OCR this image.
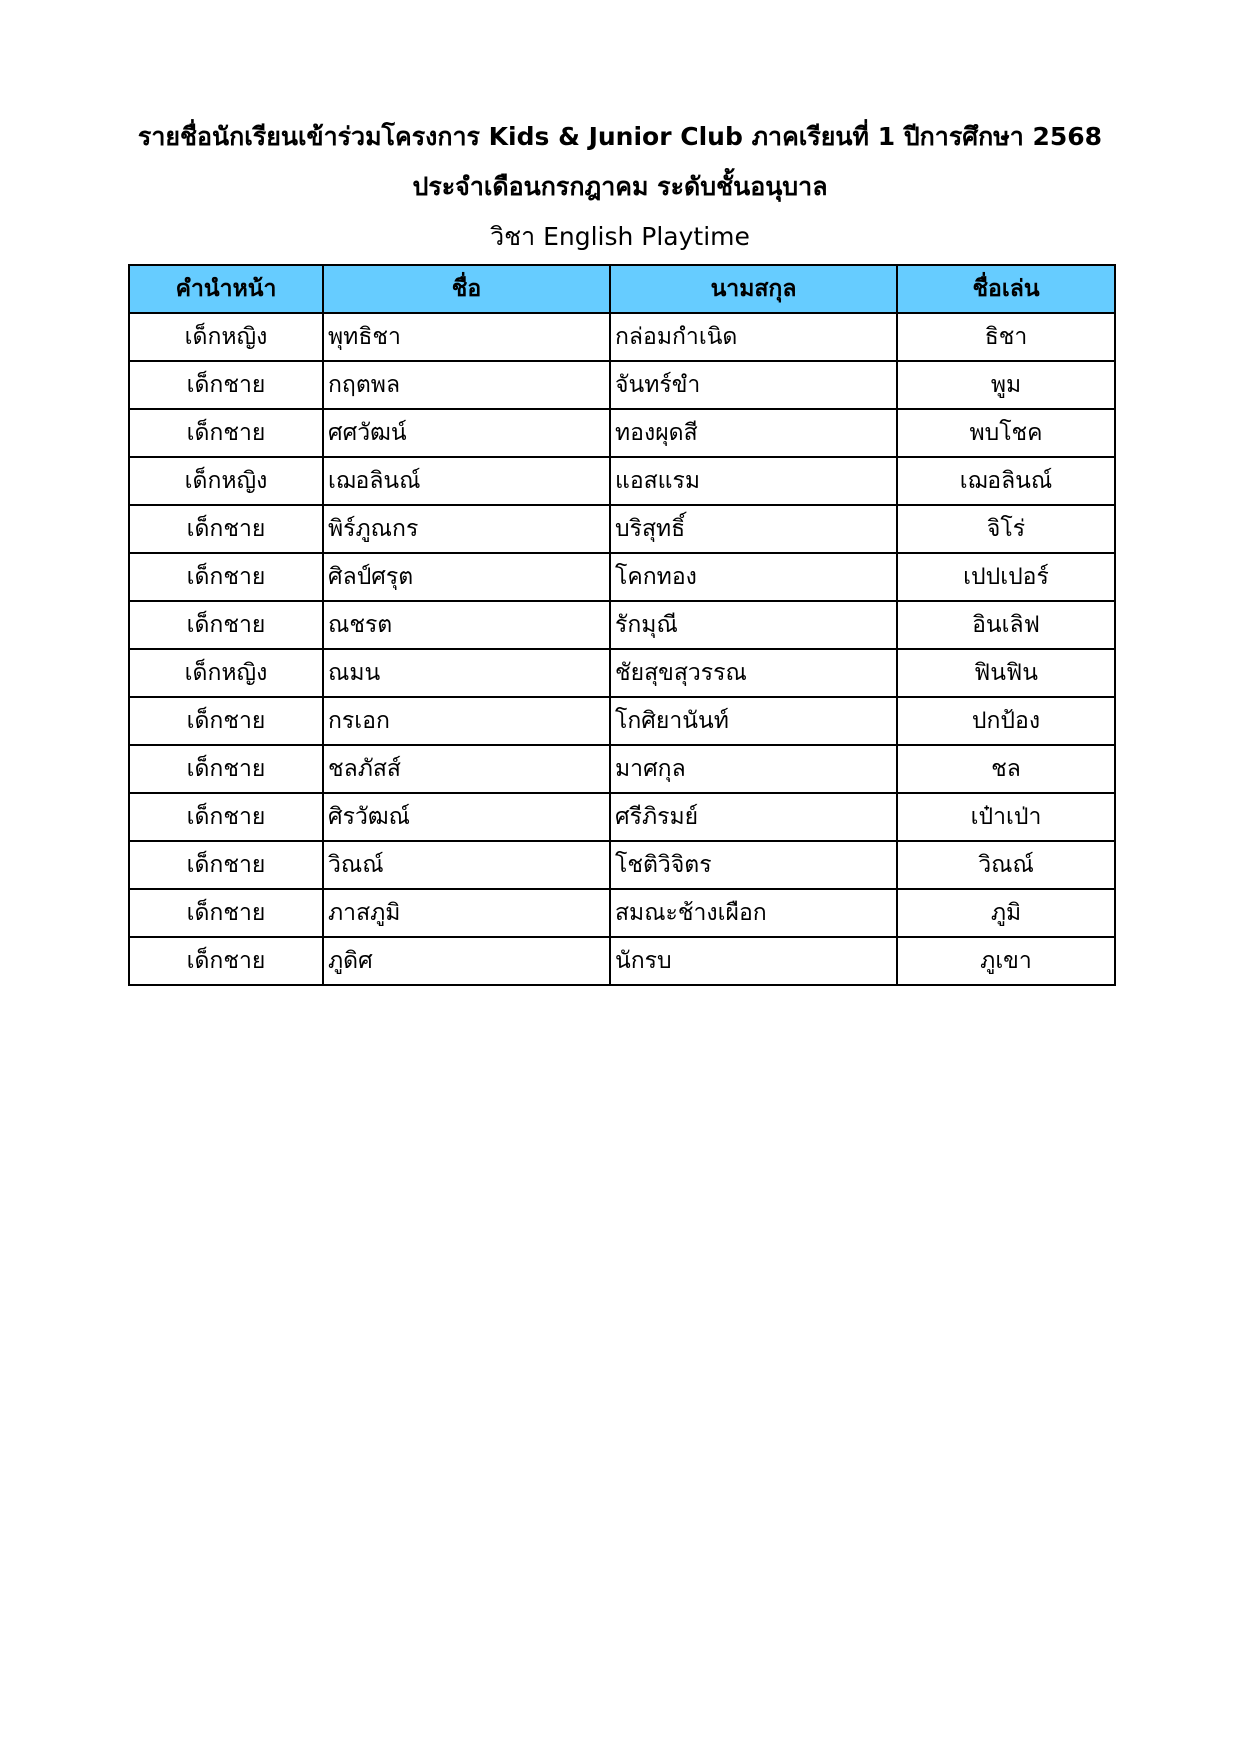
รายชื่อนักเรียนเข้าร่วมโครงการ Kids & Junior Club ภาคเรียนที่ 1 ปีการศึกษา 2568
ประจำเดือนกรกฎาคม ระดับชั้นอนุบาล
วิชา English Playtime
คำนำหน้า	ชื่อ	นามสกุล	ชื่อเล่น
เด็กหญิง	พุทธิชา	กล่อมกำเนิด	ธิชา
เด็กชาย	กฤตพล	จันทร์ขำ	พูม
เด็กชาย	ศศวัฒน์	ทองผุดสี	พบโชค
เด็กหญิง	เฌอลินณ์	แอสแรม	เฌอลินณ์
เด็กชาย	พิร์ภูณกร	บริสุทธิ์	จิโร่
เด็กชาย	ศิลป์ศรุต	โคกทอง	เปปเปอร์
เด็กชาย	ณชรต	รักมุณี	อินเลิฟ
เด็กหญิง	ณมน	ชัยสุขสุวรรณ	ฟินฟิน
เด็กชาย	กรเอก	โกศิยานันท์	ปกป้อง
เด็กชาย	ชลภัสส์	มาศกุล	ชล
เด็กชาย	ศิรวัฒณ์	ศรีภิรมย์	เป๋าเป่า
เด็กชาย	วิณณ์	โชติวิจิตร	วิณณ์
เด็กชาย	ภาสภูมิ	สมณะช้างเผือก	ภูมิ
เด็กชาย	ภูดิศ	นักรบ	ภูเขา
